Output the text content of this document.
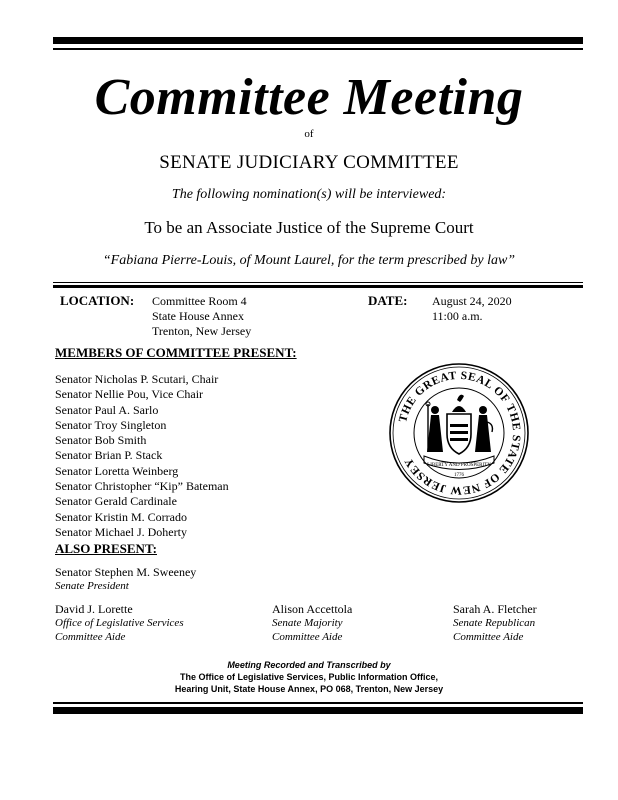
Committee Meeting
of
SENATE JUDICIARY COMMITTEE
The following nomination(s) will be interviewed:
To be an Associate Justice of the Supreme Court
“Fabiana Pierre-Louis, of Mount Laurel, for the term prescribed by law”
LOCATION: Committee Room 4
State House Annex
Trenton, New Jersey
DATE: August 24, 2020
11:00 a.m.
MEMBERS OF COMMITTEE PRESENT:
Senator Nicholas P. Scutari, Chair
Senator Nellie Pou, Vice Chair
Senator Paul A. Sarlo
Senator Troy Singleton
Senator Bob Smith
Senator Brian P. Stack
Senator Loretta Weinberg
Senator Christopher “Kip” Bateman
Senator Gerald Cardinale
Senator Kristin M. Corrado
Senator Michael J. Doherty
THE GREAT SEAL OF THE STATE OF NEW JERSEY	LIBERTY AND PROSPERITY
1776
ALSO PRESENT:
Senator Stephen M. Sweeney
Senate President
David J. Lorette
Office of Legislative Services
Committee Aide
Alison Accettola
Senate Majority
Committee Aide
Sarah A. Fletcher
Senate Republican
Committee Aide
Meeting Recorded and Transcribed by
The Office of Legislative Services, Public Information Office,
Hearing Unit, State House Annex, PO 068, Trenton, New Jersey
